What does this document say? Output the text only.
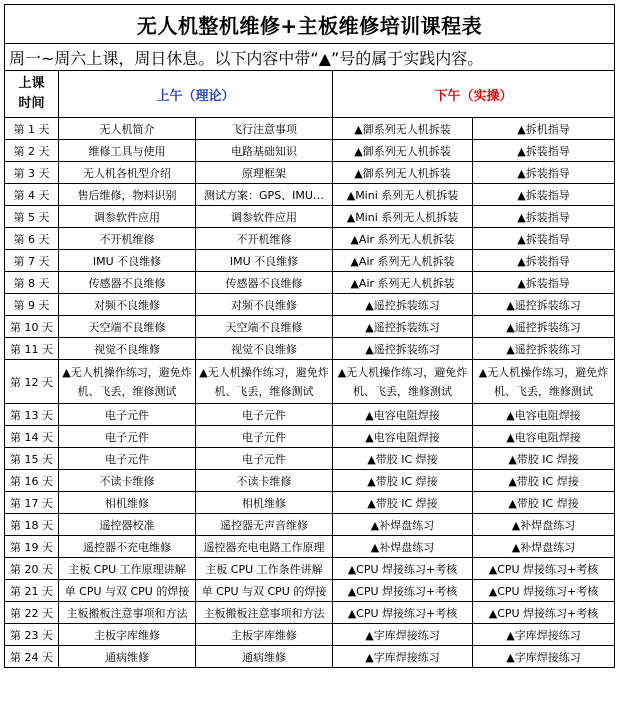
无人机整机维修+主板维修培训课程表				
周一~周六上课，周日休息。以下内容中带“▲”号的属于实践内容。				

上课
时间	上午（理论）		下午（实操）	
第 1 天	无人机简介	飞行注意事项	▲御系列无人机拆装	▲拆机指导
第 2 天	维修工具与使用	电路基础知识	▲御系列无人机拆装	▲拆装指导
第 3 天	无人机各机型介绍	原理框架	▲御系列无人机拆装	▲拆装指导
第 4 天	售后维修，物料识别	测试方案：GPS、IMU…	▲Mini 系列无人机拆装	▲拆装指导
第 5 天	调参软件应用	调参软件应用	▲Mini 系列无人机拆装	▲拆装指导
第 6 天	不开机维修	不开机维修	▲Air 系列无人机拆装	▲拆装指导
第 7 天	IMU 不良维修	IMU 不良维修	▲Air 系列无人机拆装	▲拆装指导
第 8 天	传感器不良维修	传感器不良维修	▲Air 系列无人机拆装	▲拆装指导
第 9 天	对频不良维修	对频不良维修	▲遥控拆装练习	▲遥控拆装练习
第 10 天	天空端不良维修	天空端不良维修	▲遥控拆装练习	▲遥控拆装练习
第 11 天	视觉不良维修	视觉不良维修	▲遥控拆装练习	▲遥控拆装练习
第 12 天	▲无人机操作练习，避免炸机、飞丢，维修测试	▲无人机操作练习，避免炸机、飞丢，维修测试	▲无人机操作练习，避免炸机、飞丢，维修测试	▲无人机操作练习，避免炸机、飞丢，维修测试
第 13 天	电子元件	电子元件	▲电容电阻焊接	▲电容电阻焊接
第 14 天	电子元件	电子元件	▲电容电阻焊接	▲电容电阻焊接
第 15 天	电子元件	电子元件	▲带胶 IC 焊接	▲带胶 IC 焊接
第 16 天	不读卡维修	不读卡维修	▲带胶 IC 焊接	▲带胶 IC 焊接
第 17 天	相机维修	相机维修	▲带胶 IC 焊接	▲带胶 IC 焊接
第 18 天	遥控器校准	遥控器无声音维修	▲补焊盘练习	▲补焊盘练习
第 19 天	遥控器不充电维修	遥控器充电电路工作原理	▲补焊盘练习	▲补焊盘练习
第 20 天	主板 CPU 工作原理讲解	主板 CPU 工作条件讲解	▲CPU 焊接练习+考核	▲CPU 焊接练习+考核
第 21 天	单 CPU 与双 CPU 的焊接	单 CPU 与双 CPU 的焊接	▲CPU 焊接练习+考核	▲CPU 焊接练习+考核
第 22 天	主板搬板注意事项和方法	主板搬板注意事项和方法	▲CPU 焊接练习+考核	▲CPU 焊接练习+考核
第 23 天	主板字库维修	主板字库维修	▲字库焊接练习	▲字库焊接练习
第 24 天	通病维修	通病维修	▲字库焊接练习	▲字库焊接练习
